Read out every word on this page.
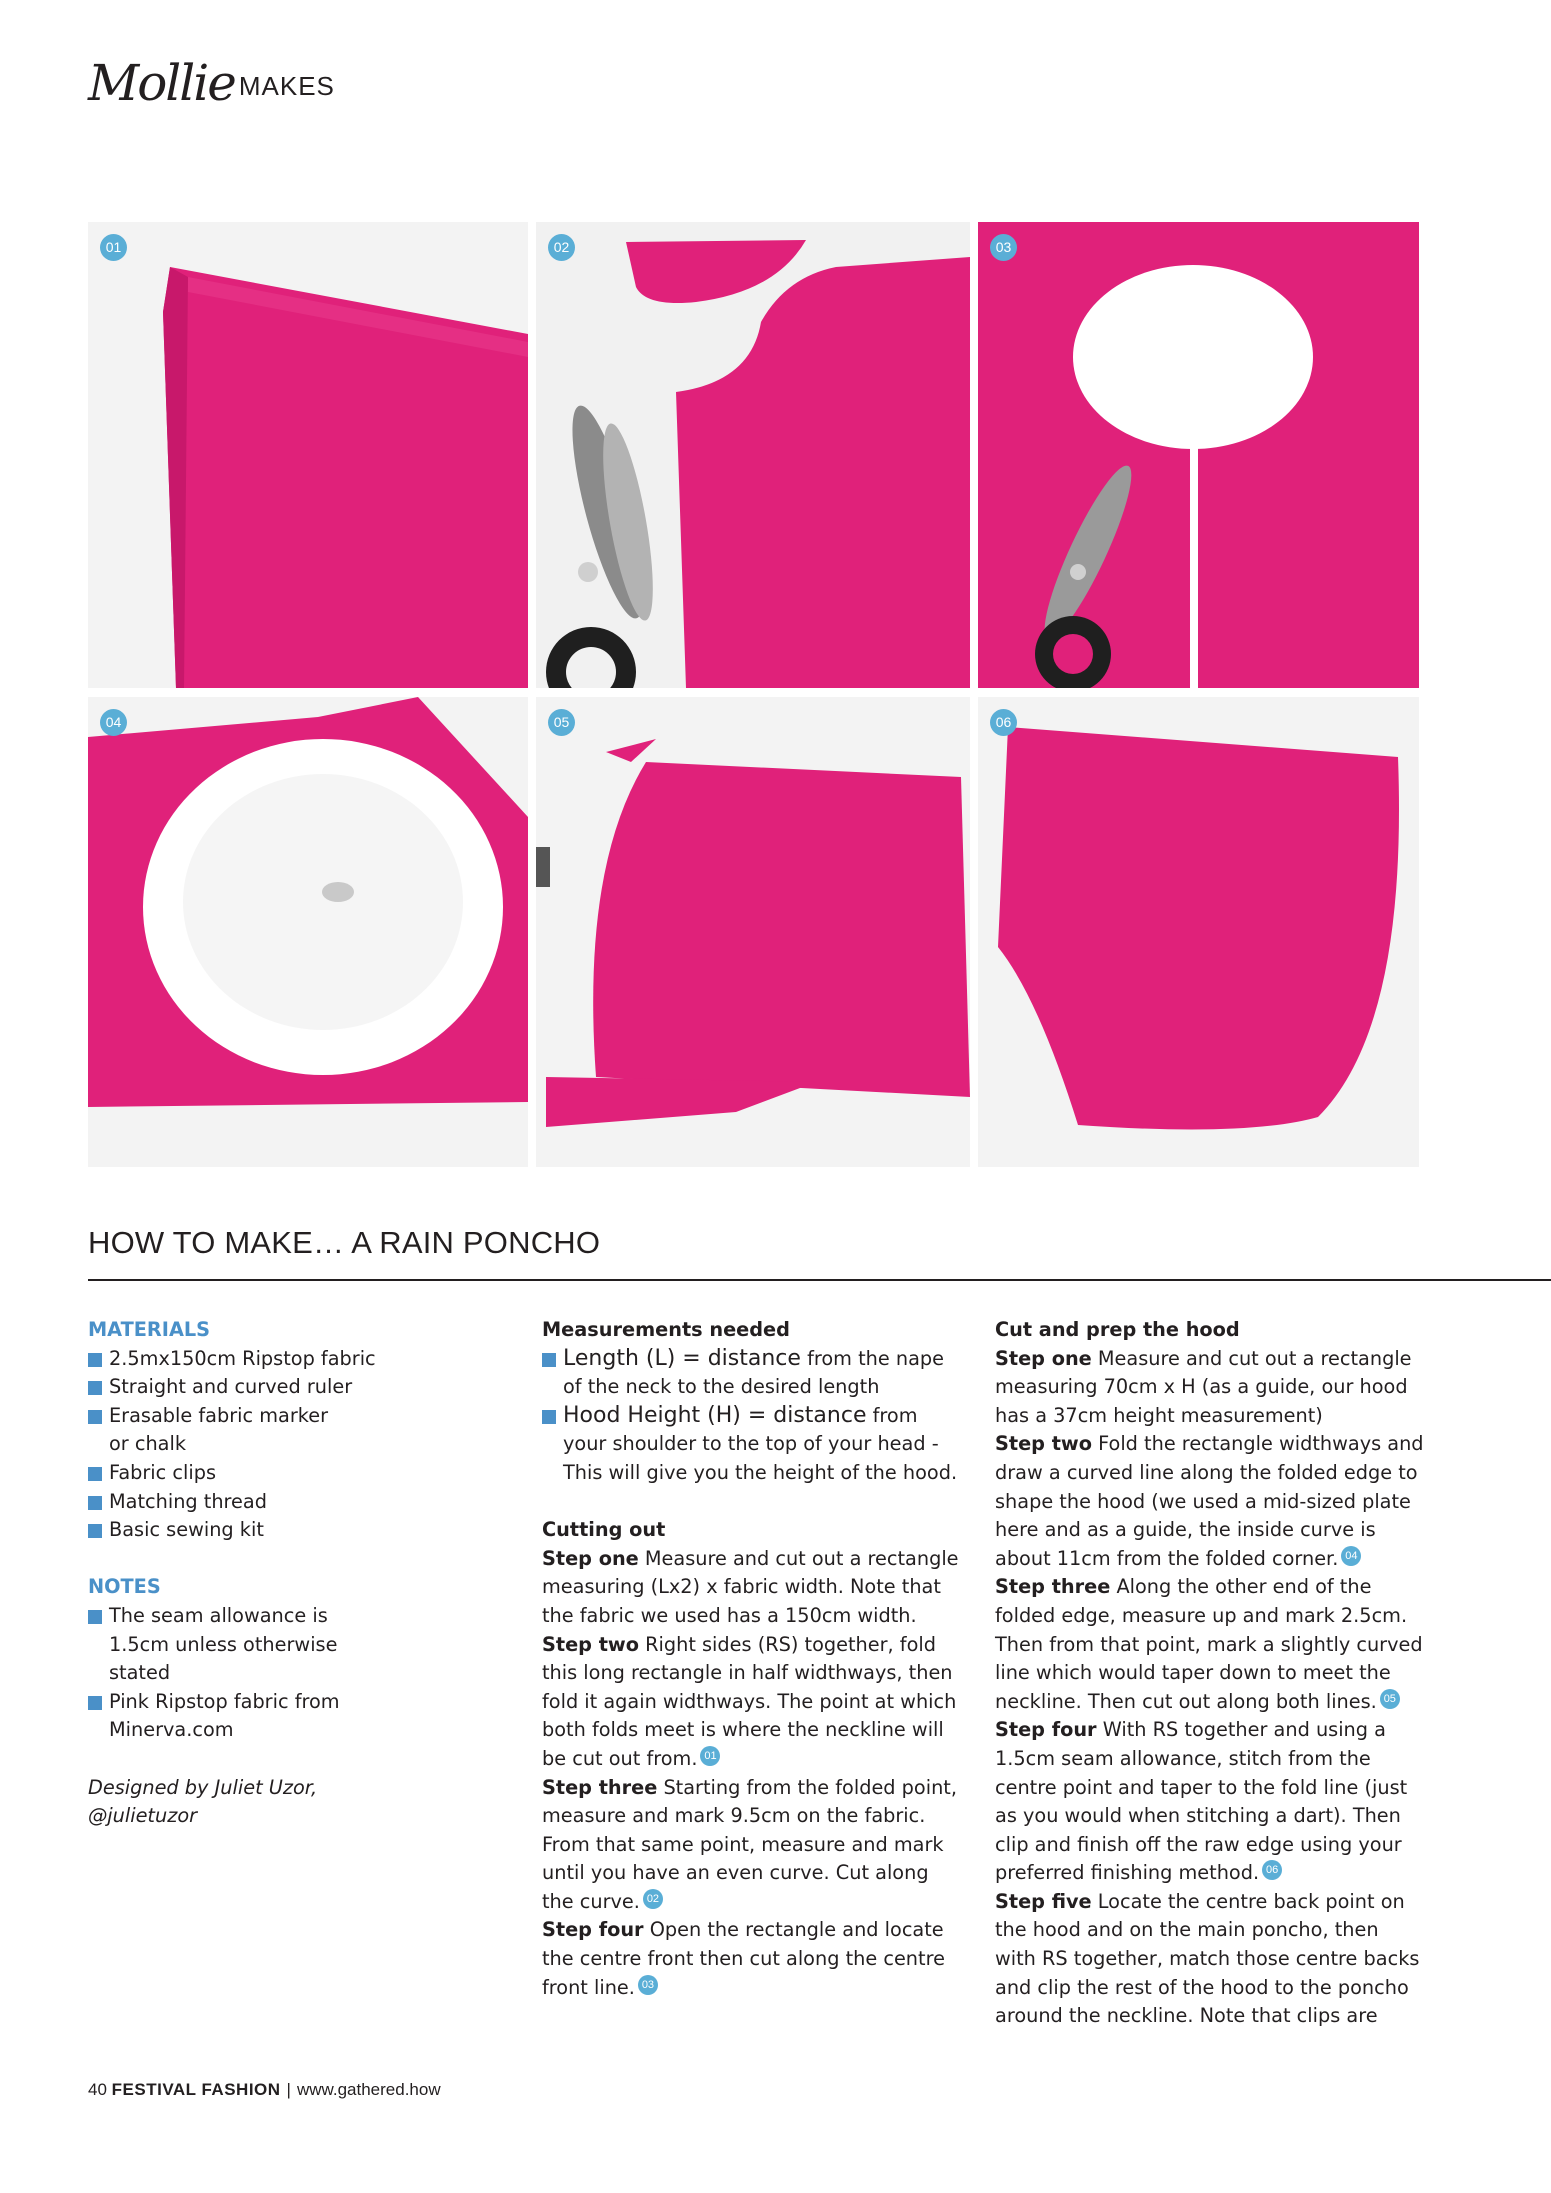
Mollie MAKES
01	02	03
04	05	06
HOW TO MAKE… A RAIN PONCHO
MATERIALS
2.5mx150cm Ripstop fabric
Straight and curved ruler
Erasable fabric marker or chalk
Fabric clips
Matching thread
Basic sewing kit
NOTES
The seam allowance is 1.5cm unless otherwise stated
Pink Ripstop fabric from Minerva.com
Designed by Juliet Uzor,
@julietuzor
Measurements needed
Length (L) = distance from the nape of the neck to the desired length
Hood Height (H) = distance from your shoulder to the top of your head - This will give you the height of the hood.
Cutting out

Step one Measure and cut out a rectangle measuring (Lx2) x fabric width. Note that the fabric we used has a 150cm width.

Step two Right sides (RS) together, fold this long rectangle in half widthways, then fold it again widthways. The point at which both folds meet is where the neckline will be cut out from. 01

Step three Starting from the folded point, measure and mark 9.5cm on the fabric. From that same point, measure and mark until you have an even curve. Cut along the curve. 02

Step four Open the rectangle and locate the centre front then cut along the centre front line. 03

Cut and prep the hood

Step one Measure and cut out a rectangle measuring 70cm x H (as a guide, our hood has a 37cm height measurement)

Step two Fold the rectangle widthways and draw a curved line along the folded edge to shape the hood (we used a mid-sized plate here and as a guide, the inside curve is about 11cm from the folded corner. 04

Step three Along the other end of the folded edge, measure up and mark 2.5cm. Then from that point, mark a slightly curved line which would taper down to meet the neckline. Then cut out along both lines. 05

Step four With RS together and using a 1.5cm seam allowance, stitch from the centre point and taper to the fold line (just as you would when stitching a dart). Then clip and finish off the raw edge using your preferred finishing method. 06

Step five Locate the centre back point on the hood and on the main poncho, then with RS together, match those centre backs and clip the rest of the hood to the poncho around the neckline. Note that clips are

40 FESTIVAL FASHION | www.gathered.how
